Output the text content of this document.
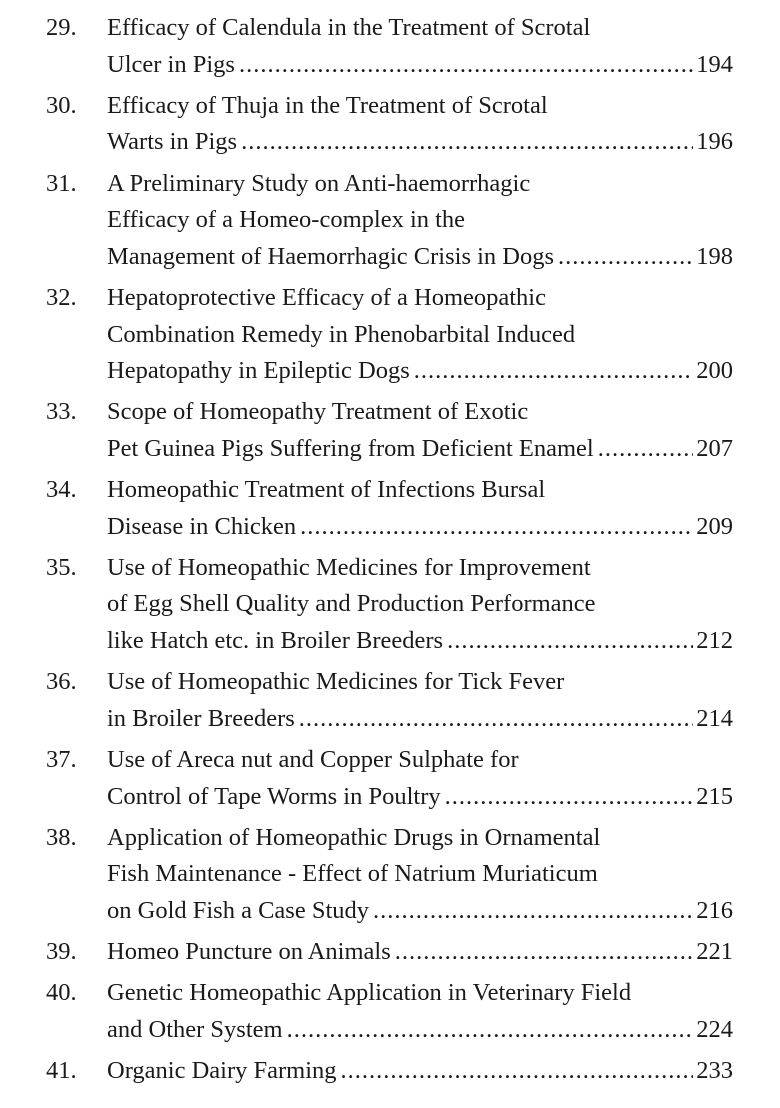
29. Efficacy of Calendula in the Treatment of Scrotal
Ulcer in Pigs .....	194
30. Efficacy of Thuja in the Treatment of Scrotal
Warts in Pigs .....	196
31. A Preliminary Study on Anti-haemorrhagic
Efficacy of a Homeo-complex in the
Management of Haemorrhagic Crisis in Dogs .....	198
32. Hepatoprotective Efficacy of a Homeopathic
Combination Remedy in Phenobarbital Induced
Hepatopathy in Epileptic Dogs .....	200
33. Scope of Homeopathy Treatment of Exotic
Pet Guinea Pigs Suffering from Deficient Enamel .....	207
34. Homeopathic Treatment of Infections Bursal
Disease in Chicken .....	209
35. Use of Homeopathic Medicines for Improvement
of Egg Shell Quality and Production Performance
like Hatch etc. in Broiler Breeders .....	212
36. Use of Homeopathic Medicines for Tick Fever
in Broiler Breeders .....	214
37. Use of Areca nut and Copper Sulphate for
Control of Tape Worms in Poultry .....	215
38. Application of Homeopathic Drugs in Ornamental
Fish Maintenance - Effect of Natrium Muriaticum
on Gold Fish a Case Study .....	216
39. Homeo Puncture on Animals .....	221
40. Genetic Homeopathic Application in Veterinary Field
and Other System .....	224
41. Organic Dairy Farming .....	233
